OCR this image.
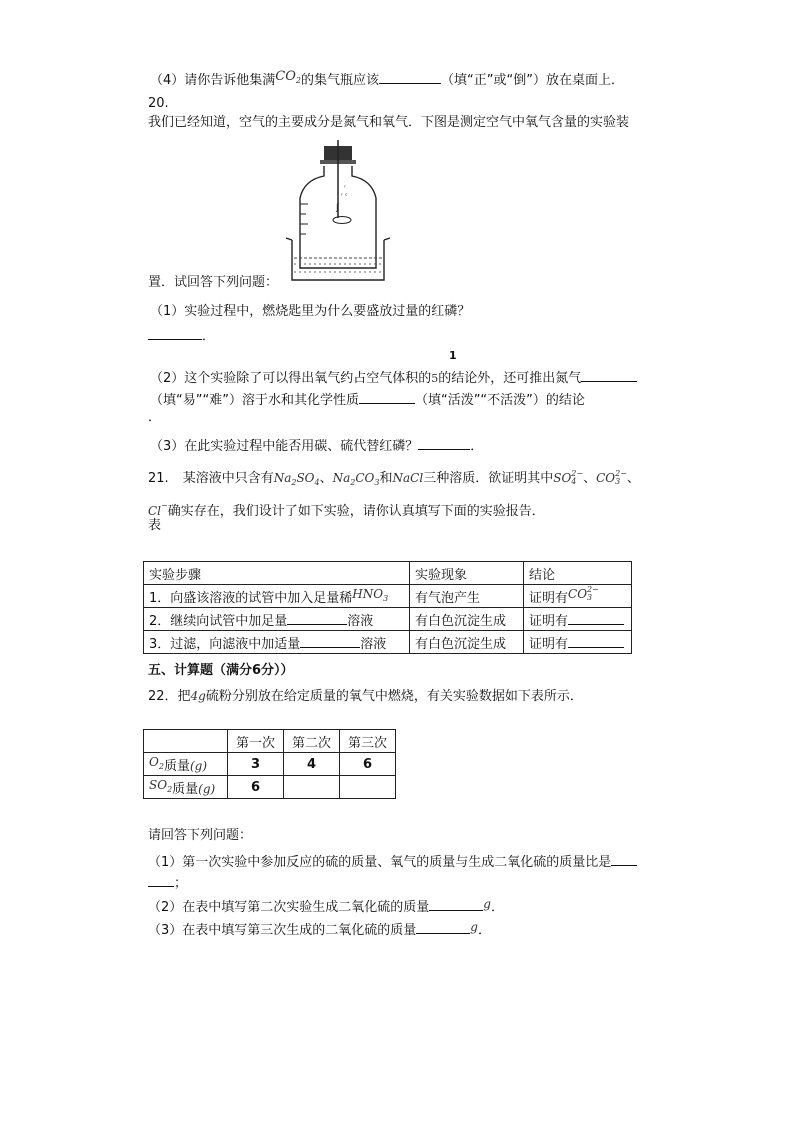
（4）请你告诉他集满$CO_2$的集气瓶应该	（填“正”或“倒”）放在桌面上．
20.
我们已经知道，空气的主要成分是氮气和氧气．下图是测定空气中氧气含量的实验装
ʳ
ʳ ᶜ
ʃ
置．试回答下列问题：
（1）实验过程中，燃烧匙里为什么要盛放过量的红磷？
．
1
（2）这个实验除了可以得出氧气约占空气体积的5的结论外，还可推出氮气
（填“易”“难”）溶于水和其化学性质	（填“活泼”“不活泼”）的结论
．
（3）在此实验过程中能否用碳、硫代替红磷？	．
21. 某溶液中只含有$Na_2SO_4$、$Na_2CO_3$和NaCl三种溶质．欲证明其中SO 2−
4 、CO 2−
3 、
Cl−确实存在，我们设计了如下实验，请你认真填写下面的实验报告．
表
实验步骤	实验现象	结论
1．向盛该溶液的试管中加入足量稀$HNO_3$	有气泡产生	证明有CO 2−
3

2．继续向试管中加足量 溶液	有白色沉淀生成	证明有
3．过滤，向滤液中加适量 溶液	有白色沉淀生成	证明有
五、计算题（满分6分））
22．把4g硫粉分别放在给定质量的氧气中燃烧，有关实验数据如下表所示．
	第一次	第二次	第三次
$O_2$质量(g)	3	4	6
$SO_2$质量(g)	6		
请回答下列问题：
（1）第一次实验中参加反应的硫的质量、氧气的质量与生成二氧化硫的质量比是
；
（2）在表中填写第二次实验生成二氧化硫的质量	g．
（3）在表中填写第三次生成的二氧化硫的质量	g．
